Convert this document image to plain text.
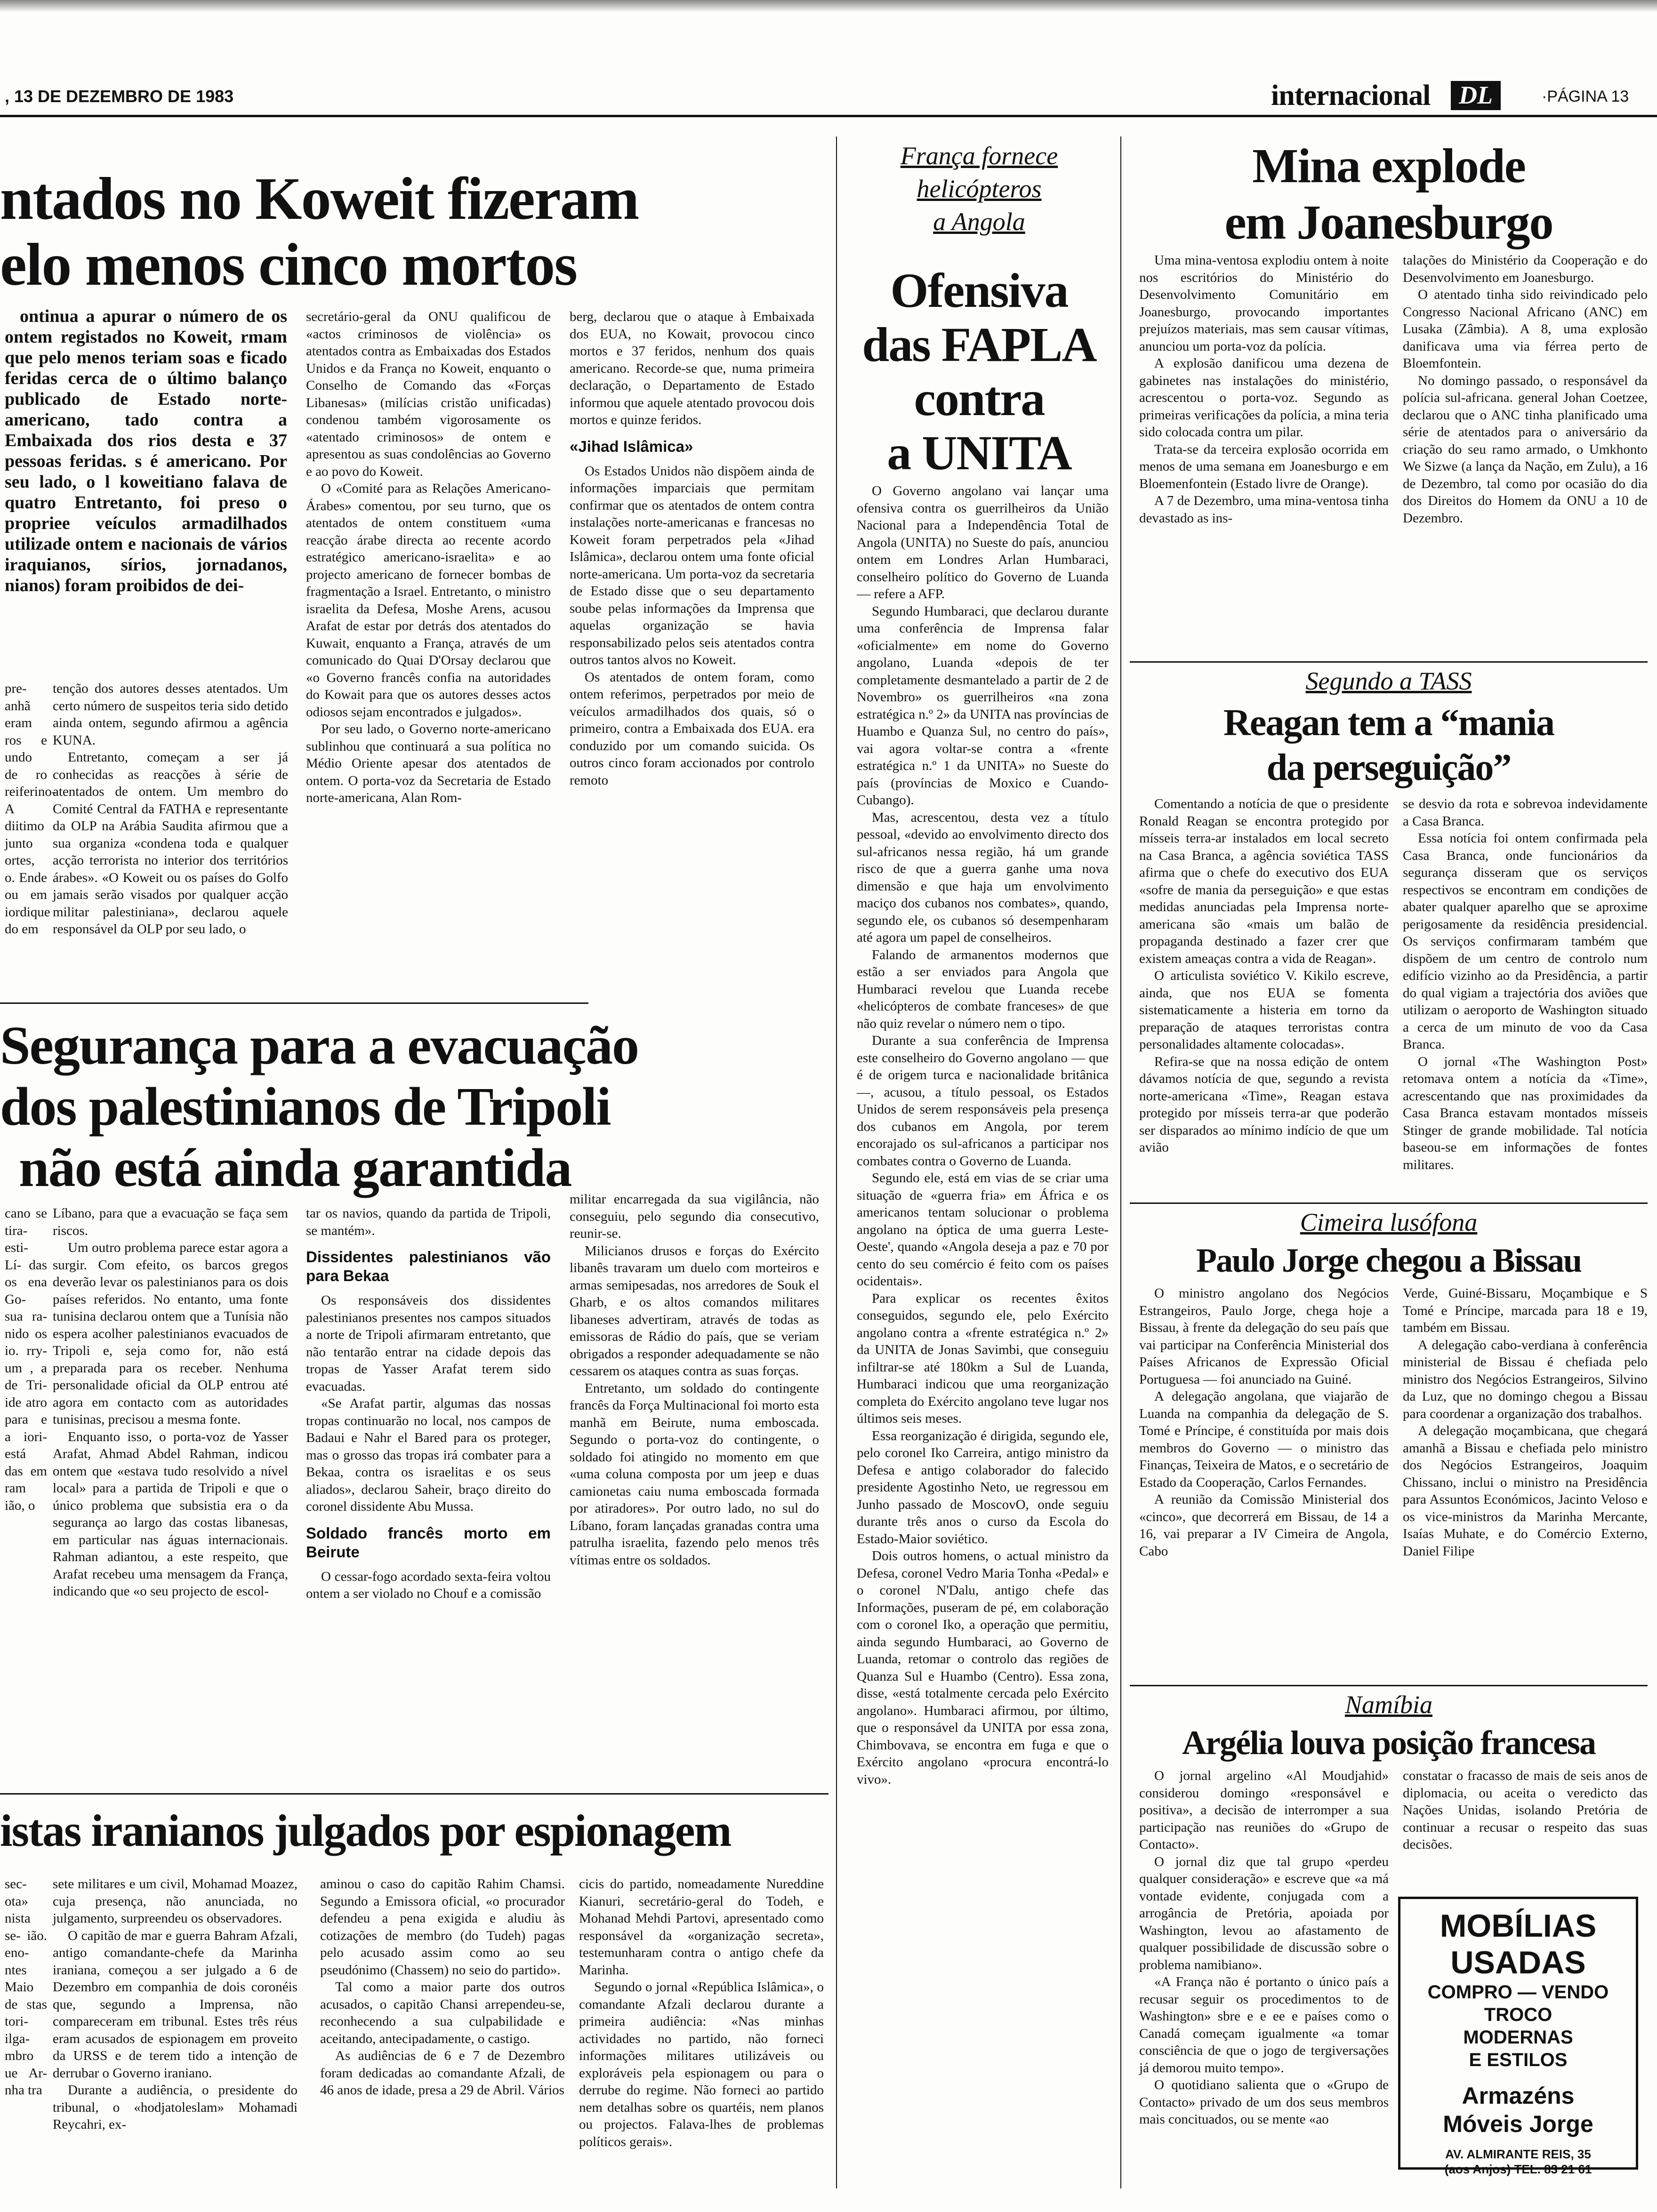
, 13 DE DEZEMBRO DE 1983	internacional DL	·PÁGINA 13
ntados no Koweit fizeram
elo menos cinco mortos

ontinua a apurar o número de os ontem registados no Koweit, rmam que pelo menos teriam soas e ficado feridas cerca de o último balanço publicado de Estado norte-americano, tado contra a Embaixada dos rios desta e 37 pessoas feridas. s é americano. Por seu lado, o l koweitiano falava de quatro Entretanto, foi preso o propriee veículos armadilhados utilizade ontem e nacionais de vários iraquianos, sírios, jornadanos, nianos) foram proibidos de dei-

pre- anhã eram ros e undo de ro reiferino- A diitimo junto ortes, o. Ende ou em iordique do em

tenção dos autores desses atentados. Um certo número de suspeitos teria sido detido ainda ontem, segundo afirmou a agência KUNA.

Entretanto, começam a ser já conhecidas as reacções à série de atentados de ontem. Um membro do Comité Central da FATHA e representante da OLP na Arábia Saudita afirmou que a sua organiza «condena toda e qualquer acção terrorista no interior dos territórios árabes». «O Koweit ou os países do Golfo jamais serão visados por qualquer acção militar palestiniana», declarou aquele responsável da OLP por seu lado, o

secretário-geral da ONU qualificou de «actos criminosos de violência» os atentados contra as Embaixadas dos Estados Unidos e da França no Koweit, enquanto o Conselho de Comando das «Forças Libanesas» (milícias cristão unificadas) condenou também vigorosamente os «atentado criminosos» de ontem e apresentou as suas condolências ao Governo e ao povo do Koweit.

O «Comité para as Relações Americano-Árabes» comentou, por seu turno, que os atentados de ontem constituem «uma reacção árabe directa ao recente acordo estratégico americano-israelita» e ao projecto americano de fornecer bombas de fragmentação a Israel. Entretanto, o ministro israelita da Defesa, Moshe Arens, acusou Arafat de estar por detrás dos atentados do Kuwait, enquanto a França, através de um comunicado do Quai D'Orsay declarou que «o Governo francês confia na autoridades do Kowait para que os autores desses actos odiosos sejam encontrados e julgados».

Por seu lado, o Governo norte-americano sublinhou que continuará a sua política no Médio Oriente apesar dos atentados de ontem. O porta-voz da Secretaria de Estado norte-americana, Alan Rom-

berg, declarou que o ataque à Embaixada dos EUA, no Kowait, provocou cinco mortos e 37 feridos, nenhum dos quais americano. Recorde-se que, numa primeira declaração, o Departamento de Estado informou que aquele atentado provocou dois mortos e quinze feridos.

«Jihad Islâmica»

Os Estados Unidos não dispõem ainda de informações imparciais que permitam confirmar que os atentados de ontem contra instalações norte-americanas e francesas no Koweit foram perpetrados pela «Jihad Islâmica», declarou ontem uma fonte oficial norte-americana. Um porta-voz da secretaria de Estado disse que o seu departamento soube pelas informações da Imprensa que aquelas organização se havia responsabilizado pelos seis atentados contra outros tantos alvos no Koweit.

Os atentados de ontem foram, como ontem referimos, perpetrados por meio de veículos armadilhados dos quais, só o primeiro, contra a Embaixada dos EUA. era conduzido por um comando suicida. Os outros cinco foram accionados por controlo remoto

Segurança para a evacuação
dos palestinianos de Tripoli
não está ainda garantida

cano se tira- esti- Lí- das os ena Go- sua ra- nido os io. rry- um , a de Tri- ide atro para e a iori- está das em ram ião, o

Líbano, para que a evacuação se faça sem riscos.

Um outro problema parece estar agora a surgir. Com efeito, os barcos gregos deverão levar os palestinianos para os dois países referidos. No entanto, uma fonte tunisina declarou ontem que a Tunísia não espera acolher palestinianos evacuados de Tripoli e, seja como for, não está preparada para os receber. Nenhuma personalidade oficial da OLP entrou até agora em contacto com as autoridades tunisinas, precisou a mesma fonte.

Enquanto isso, o porta-voz de Yasser Arafat, Ahmad Abdel Rahman, indicou ontem que «estava tudo resolvido a nível local» para a partida de Tripoli e que o único problema que subsistia era o da segurança ao largo das costas libanesas, em particular nas águas internacionais. Rahman adiantou, a este respeito, que Arafat recebeu uma mensagem da França, indicando que «o seu projecto de escol-

tar os navios, quando da partida de Tripoli, se mantém».

Dissidentes palestinianos vão para Bekaa

Os responsáveis dos dissidentes palestinianos presentes nos campos situados a norte de Tripoli afirmaram entretanto, que não tentarão entrar na cidade depois das tropas de Yasser Arafat terem sido evacuadas.

«Se Arafat partir, algumas das nossas tropas continuarão no local, nos campos de Badaui e Nahr el Bared para os proteger, mas o grosso das tropas irá combater para a Bekaa, contra os israelitas e os seus aliados», declarou Saheir, braço direito do coronel dissidente Abu Mussa.

Soldado francês morto em Beirute

O cessar-fogo acordado sexta-feira voltou ontem a ser violado no Chouf e a comissão

militar encarregada da sua vigilância, não conseguiu, pelo segundo dia consecutivo, reunir-se.

Milicianos drusos e forças do Exército libanês travaram um duelo com morteiros e armas semipesadas, nos arredores de Souk el Gharb, e os altos comandos militares libaneses advertiram, através de todas as emissoras de Rádio do país, que se veriam obrigados a responder adequadamente se não cessarem os ataques contra as suas forças.

Entretanto, um soldado do contingente francês da Força Multinacional foi morto esta manhã em Beirute, numa emboscada. Segundo o porta-voz do contingente, o soldado foi atingido no momento em que «uma coluna composta por um jeep e duas camionetas caiu numa emboscada formada por atiradores». Por outro lado, no sul do Líbano, foram lançadas granadas contra uma patrulha israelita, fazendo pelo menos três vítimas entre os soldados.

istas iranianos julgados por espionagem

sec- ota» nista se- ião. eno- ntes Maio de stas tori- ilga- mbro ue Ar- nha tra

sete militares e um civil, Mohamad Moazez, cuja presença, não anunciada, no julgamento, surpreendeu os observadores.

O capitão de mar e guerra Bahram Afzali, antigo comandante-chefe da Marinha iraniana, começou a ser julgado a 6 de Dezembro em companhia de dois coronéis que, segundo a Imprensa, não compareceram em tribunal. Estes três réus eram acusados de espionagem em proveito da URSS e de terem tido a intenção de derrubar o Governo iraniano.

Durante a audiência, o presidente do tribunal, o «hodjatoleslam» Mohamadi Reycahri, ex-

aminou o caso do capitão Rahim Chamsi. Segundo a Emissora oficial, «o procurador defendeu a pena exigida e aludiu às cotizações de membro (do Tudeh) pagas pelo acusado assim como ao seu pseudónimo (Chassem) no seio do partido».

Tal como a maior parte dos outros acusados, o capitão Chansi arrependeu-se, reconhecendo a sua culpabilidade e aceitando, antecipadamente, o castigo.

As audiências de 6 e 7 de Dezembro foram dedicadas ao comandante Afzali, de 46 anos de idade, presa a 29 de Abril. Vários

cicis do partido, nomeadamente Nureddine Kianuri, secretário-geral do Todeh, e Mohanad Mehdi Partovi, apresentado como responsável da «organização secreta», testemunharam contra o antigo chefe da Marinha.

Segundo o jornal «República Islâmica», o comandante Afzali declarou durante a primeira audiência: «Nas minhas actividades no partido, não forneci informações militares utilizáveis ou exploráveis pela espionagem ou para o derrube do regime. Não forneci ao partido nem detalhas sobre os quartéis, nem planos ou projectos. Falava-lhes de problemas políticos gerais».

França fornece
helicópteros
a Angola
Ofensiva
das FAPLA
contra
a UNITA

O Governo angolano vai lançar uma ofensiva contra os guerrilheiros da União Nacional para a Independência Total de Angola (UNITA) no Sueste do país, anunciou ontem em Londres Arlan Humbaraci, conselheiro político do Governo de Luanda — refere a AFP.

Segundo Humbaraci, que declarou durante uma conferência de Imprensa falar «oficialmente» em nome do Governo angolano, Luanda «depois de ter completamente desmantelado a partir de 2 de Novembro» os guerrilheiros «na zona estratégica n.º 2» da UNITA nas províncias de Huambo e Quanza Sul, no centro do país», vai agora voltar-se contra a «frente estratégica n.º 1 da UNITA» no Sueste do país (províncias de Moxico e Cuando-Cubango).

Mas, acrescentou, desta vez a título pessoal, «devido ao envolvimento directo dos sul-africanos nessa região, há um grande risco de que a guerra ganhe uma nova dimensão e que haja um envolvimento maciço dos cubanos nos combates», quando, segundo ele, os cubanos só desempenharam até agora um papel de conselheiros.

Falando de armanentos modernos que estão a ser enviados para Angola que Humbaraci revelou que Luanda recebe «helicópteros de combate franceses» de que não quiz revelar o número nem o tipo.

Durante a sua conferência de Imprensa este conselheiro do Governo angolano — que é de origem turca e nacionalidade britânica —, acusou, a título pessoal, os Estados Unidos de serem responsáveis pela presença dos cubanos em Angola, por terem encorajado os sul-africanos a participar nos combates contra o Governo de Luanda.

Segundo ele, está em vias de se criar uma situação de «guerra fria» em África e os americanos tentam solucionar o problema angolano na óptica de uma guerra Leste-Oeste', quando «Angola deseja a paz e 70 por cento do seu comércio é feito com os países ocidentais».

Para explicar os recentes êxitos conseguidos, segundo ele, pelo Exército angolano contra a «frente estratégica n.º 2» da UNITA de Jonas Savimbi, que conseguiu infiltrar-se até 180km a Sul de Luanda, Humbaraci indicou que uma reorganização completa do Exército angolano teve lugar nos últimos seis meses.

Essa reorganização é dirigida, segundo ele, pelo coronel Iko Carreira, antigo ministro da Defesa e antigo colaborador do falecido presidente Agostinho Neto, ue regressou em Junho passado de MoscovO, onde seguiu durante três anos o curso da Escola do Estado-Maior soviético.

Dois outros homens, o actual ministro da Defesa, coronel Vedro Maria Tonha «Pedal» e o coronel N'Dalu, antigo chefe das Informações, puseram de pé, em colaboração com o coronel Iko, a operação que permitiu, ainda segundo Humbaraci, ao Governo de Luanda, retomar o controlo das regiões de Quanza Sul e Huambo (Centro). Essa zona, disse, «está totalmente cercada pelo Exército angolano». Humbaraci afirmou, por último, que o responsável da UNITA por essa zona, Chimbovava, se encontra em fuga e que o Exército angolano «procura encontrá-lo vivo».

Mina explode
em Joanesburgo

Uma mina-ventosa explodiu ontem à noite nos escritórios do Ministério do Desenvolvimento Comunitário em Joanesburgo, provocando importantes prejuízos materiais, mas sem causar vítimas, anunciou um porta-voz da polícia.

A explosão danificou uma dezena de gabinetes nas instalações do ministério, acrescentou o porta-voz. Segundo as primeiras verificações da polícia, a mina teria sido colocada contra um pilar.

Trata-se da terceira explosão ocorrida em menos de uma semana em Joanesburgo e em Bloemenfontein (Estado livre de Orange).

A 7 de Dezembro, uma mina-ventosa tinha devastado as ins-

talações do Ministério da Cooperação e do Desenvolvimento em Joanesburgo.

O atentado tinha sido reivindicado pelo Congresso Nacional Africano (ANC) em Lusaka (Zâmbia). A 8, uma explosão danificava uma via férrea perto de Bloemfontein.

No domingo passado, o responsável da polícia sul-africana. general Johan Coetzee, declarou que o ANC tinha planificado uma série de atentados para o aniversário da criação do seu ramo armado, o Umkhonto We Sizwe (a lança da Nação, em Zulu), a 16 de Dezembro, tal como por ocasião do dia dos Direitos do Homem da ONU a 10 de Dezembro.

Segundo a TASS
Reagan tem a “mania
da perseguição”

Comentando a notícia de que o presidente Ronald Reagan se encontra protegido por mísseis terra-ar instalados em local secreto na Casa Branca, a agência soviética TASS afirma que o chefe do executivo dos EUA «sofre de mania da perseguição» e que estas medidas anunciadas pela Imprensa norte-americana são «mais um balão de propaganda destinado a fazer crer que existem ameaças contra a vida de Reagan».

O articulista soviético V. Kikilo escreve, ainda, que nos EUA se fomenta sistematicamente a histeria em torno da preparação de ataques terroristas contra personalidades altamente colocadas».

Refira-se que na nossa edição de ontem dávamos notícia de que, segundo a revista norte-americana «Time», Reagan estava protegido por mísseis terra-ar que poderão ser disparados ao mínimo indício de que um avião

se desvio da rota e sobrevoa indevidamente a Casa Branca.

Essa notícia foi ontem confirmada pela Casa Branca, onde funcionários da segurança disseram que os serviços respectivos se encontram em condições de abater qualquer aparelho que se aproxime perigosamente da residência presidencial. Os serviços confirmaram também que dispõem de um centro de controlo num edifício vizinho ao da Presidência, a partir do qual vigiam a trajectória dos aviões que utilizam o aeroporto de Washington situado a cerca de um minuto de voo da Casa Branca.

O jornal «The Washington Post» retomava ontem a notícia da «Time», acrescentando que nas proximidades da Casa Branca estavam montados mísseis Stinger de grande mobilidade. Tal notícia baseou-se em informações de fontes militares.

Cimeira lusófona
Paulo Jorge chegou a Bissau

O ministro angolano dos Negócios Estrangeiros, Paulo Jorge, chega hoje a Bissau, à frente da delegação do seu país que vai participar na Conferência Ministerial dos Países Africanos de Expressão Oficial Portuguesa — foi anunciado na Guiné.

A delegação angolana, que viajarão de Luanda na companhia da delegação de S. Tomé e Príncipe, é constituída por mais dois membros do Governo — o ministro das Finanças, Teixeira de Matos, e o secretário de Estado da Cooperação, Carlos Fernandes.

A reunião da Comissão Ministerial dos «cinco», que decorrerá em Bissau, de 14 a 16, vai preparar a IV Cimeira de Angola, Cabo

Verde, Guiné-Bissaru, Moçambique e S Tomé e Príncipe, marcada para 18 e 19, também em Bissau.

A delegação cabo-verdiana à conferência ministerial de Bissau é chefiada pelo ministro dos Negócios Estrangeiros, Silvino da Luz, que no domingo chegou a Bissau para coordenar a organização dos trabalhos.

A delegação moçambicana, que chegará amanhã a Bissau e chefiada pelo ministro dos Negócios Estrangeiros, Joaquim Chissano, inclui o ministro na Presidência para Assuntos Económicos, Jacinto Veloso e os vice-ministros da Marinha Mercante, Isaías Muhate, e do Comércio Externo, Daniel Filipe

Namíbia
Argélia louva posição francesa

O jornal argelino «Al Moudjahid» considerou domingo «responsável e positiva», a decisão de interromper a sua participação nas reuniões do «Grupo de Contacto».

O jornal diz que tal grupo «perdeu qualquer consideração» e escreve que «a má vontade evidente, conjugada com a arrogância de Pretória, apoiada por Washington, levou ao afastamento de qualquer possibilidade de discussão sobre o problema namibiano».

«A França não é portanto o único país a recusar seguir os procedimentos to de Washington» sbre e e ee e países como o Canadá começam igualmente «a tomar consciência de que o jogo de tergiversações já demorou muito tempo».

O quotidiano salienta que o «Grupo de Contacto» privado de um dos seus membros mais concituados, ou se mente «ao

constatar o fracasso de mais de seis anos de diplomacia, ou aceita o veredicto das Nações Unidas, isolando Pretória de continuar a recusar o respeito das suas decisões.

MOBÍLIAS
USADAS
COMPRO — VENDO
TROCO
MODERNAS
E ESTILOS
Armazéns
Móveis Jorge
AV. ALMIRANTE REIS, 35
(aos Anjos) TEL. 83 21 61
